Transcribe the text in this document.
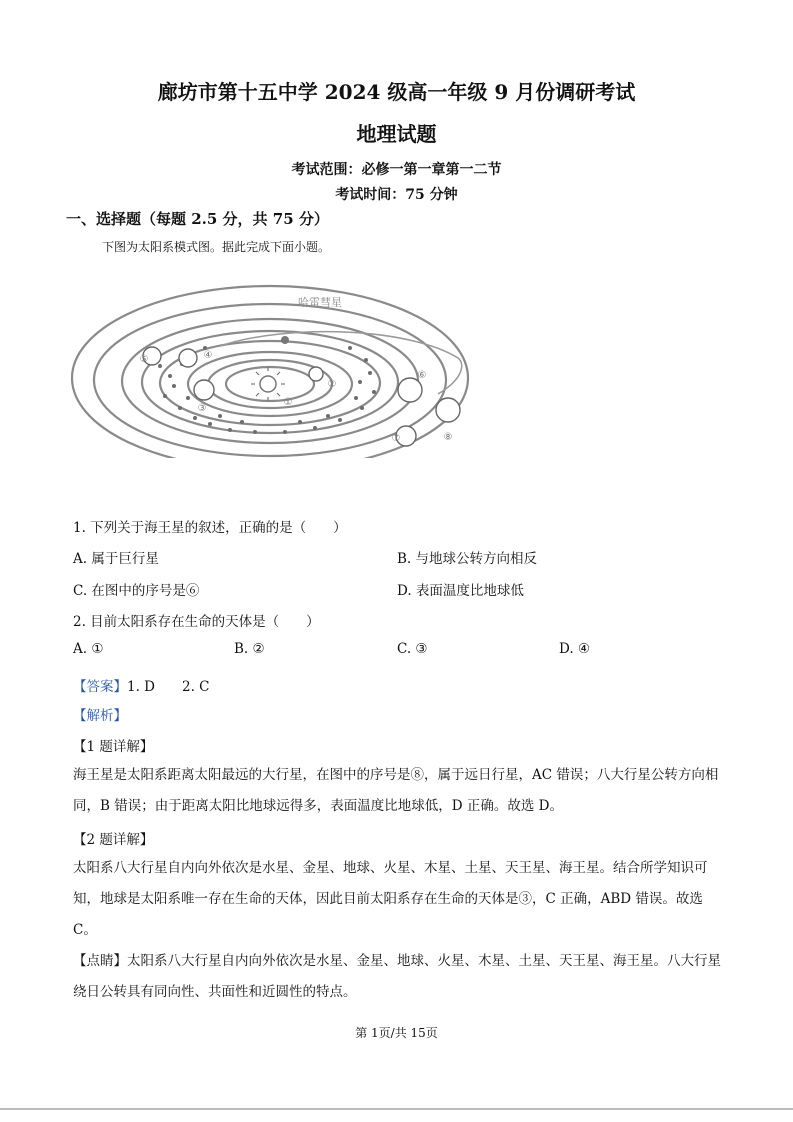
廊坊市第十五中学 2024 级高一年级 9 月份调研考试
地理试题
考试范围：必修一第一章第一二节
考试时间：75 分钟
一、选择题（每题 2.5 分，共 75 分）
下图为太阳系模式图。据此完成下面小题。
哈雷彗星
①
②
③
④
⑤
⑥
⑦	⑧
1. 下列关于海王星的叙述，正确的是（　　）
A. 属于巨行星	B. 与地球公转方向相反
C. 在图中的序号是⑥	D. 表面温度比地球低
2. 目前太阳系存在生命的天体是（　　）
A. ①	B. ②	C. ③	D. ④
【答案】1. D　　2. C
【解析】
【1 题详解】
海王星是太阳系距离太阳最远的大行星，在图中的序号是⑧，属于远日行星，AC 错误；八大行星公转方向相同，B 错误；由于距离太阳比地球远得多，表面温度比地球低，D 正确。故选 D。
【2 题详解】
太阳系八大行星自内向外依次是水星、金星、地球、火星、木星、土星、天王星、海王星。结合所学知识可知，地球是太阳系唯一存在生命的天体，因此目前太阳系存在生命的天体是③，C 正确，ABD 错误。故选 C。
【点睛】太阳系八大行星自内向外依次是水星、金星、地球、火星、木星、土星、天王星、海王星。八大行星绕日公转具有同向性、共面性和近圆性的特点。
第 1页/共 15页
